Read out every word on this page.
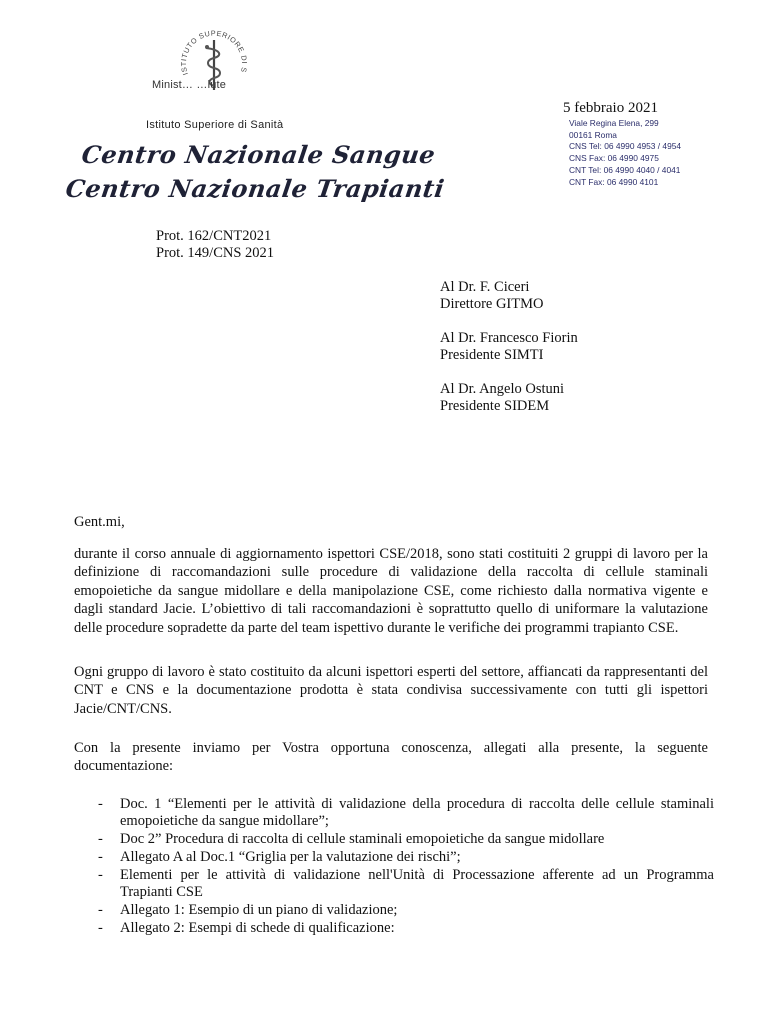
ISTITUTO SUPERIORE DI S
Minist… …lute
Istituto Superiore di Sanità
Centro Nazionale Sangue
Centro Nazionale Trapianti
5 febbraio 2021
Viale Regina Elena, 299
00161 Roma
CNS Tel: 06 4990 4953 / 4954
CNS Fax: 06 4990 4975
CNT Tel: 06 4990 4040 / 4041
CNT Fax: 06 4990 4101
Prot. 162/CNT2021
Prot. 149/CNS 2021
Al Dr. F. Ciceri
Direttore GITMO
Al Dr. Francesco Fiorin
Presidente SIMTI
Al Dr. Angelo Ostuni
Presidente SIDEM
Gent.mi,
durante il corso annuale di aggiornamento ispettori CSE/2018, sono stati costituiti 2 gruppi di lavoro per la definizione di raccomandazioni sulle procedure di validazione della raccolta di cellule staminali emopoietiche da sangue midollare e della manipolazione CSE, come richiesto dalla normativa vigente e dagli standard Jacie. L’obiettivo di tali raccomandazioni è soprattutto quello di uniformare la valutazione delle procedure sopradette da parte del team ispettivo durante le verifiche dei programmi trapianto CSE.
Ogni gruppo di lavoro è stato costituito da alcuni ispettori esperti del settore, affiancati da rappresentanti del CNT e CNS e la documentazione prodotta è stata condivisa successivamente con tutti gli ispettori Jacie/CNT/CNS.
Con la presente inviamo per Vostra opportuna conoscenza, allegati alla presente, la seguente documentazione:
- Doc. 1 “Elementi per le attività di validazione della procedura di raccolta delle cellule staminali emopoietiche da sangue midollare”;
- Doc 2” Procedura di raccolta di cellule staminali emopoietiche da sangue midollare
- Allegato A al Doc.1 “Griglia per la valutazione dei rischi”;
- Elementi per le attività di validazione nell'Unità di Processazione afferente ad un Programma Trapianti CSE
- Allegato 1: Esempio di un piano di validazione;
- Allegato 2: Esempi di schede di qualificazione:
